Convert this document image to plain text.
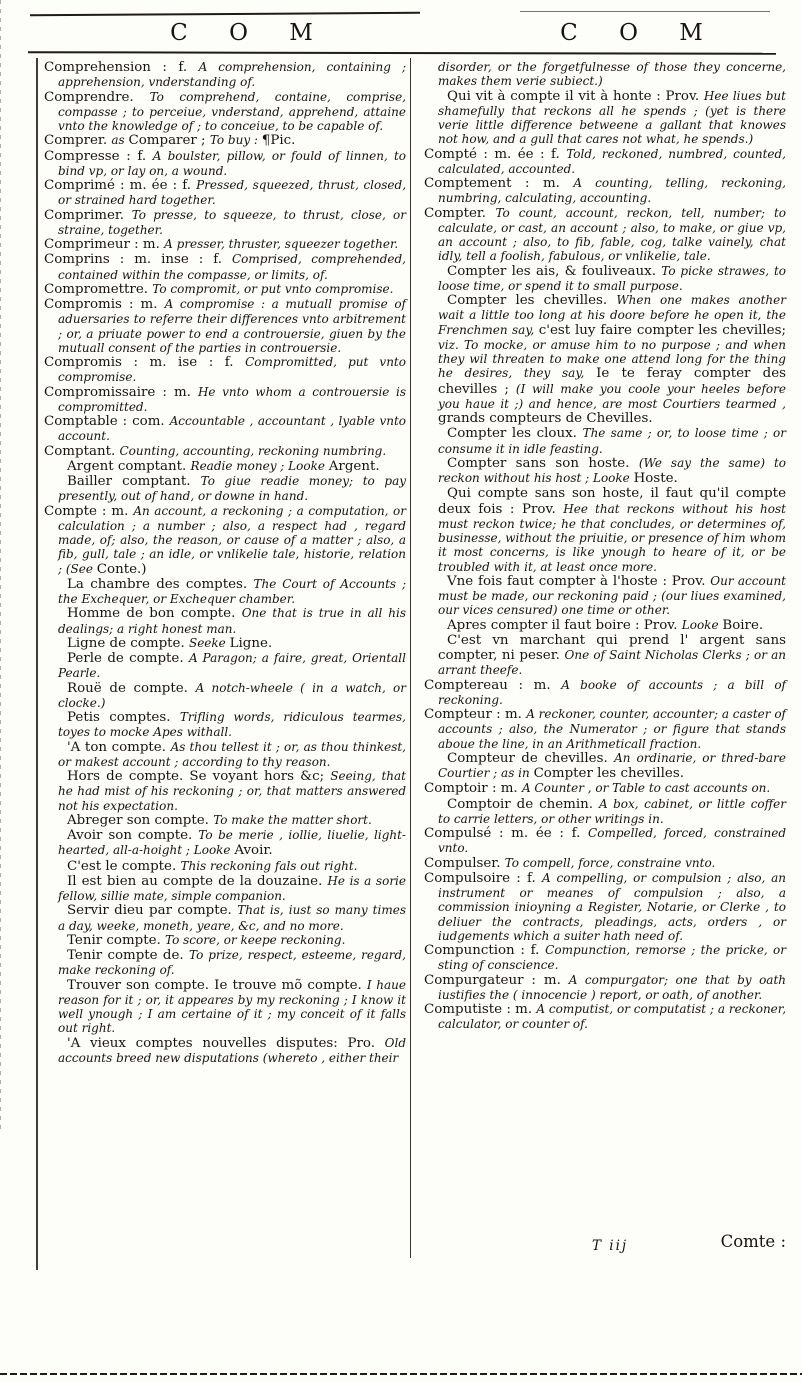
C O M	C O M

Comprehension : f. A comprehension, containing ; apprehension, vnderstanding of.

Comprendre. To comprehend, containe, comprise, compasse ; to perceiue, vnderstand, apprehend, attaine vnto the knowledge of ; to conceiue, to be capable of.

Comprer. as Comparer ; To buy : ¶Pic.

Compresse : f. A boulster, pillow, or fould of linnen, to bind vp, or lay on, a wound.

Comprimé : m. ée : f. Pressed, squeezed, thrust, closed, or strained hard together.

Comprimer. To presse, to squeeze, to thrust, close, or straine, together.

Comprimeur : m. A presser, thruster, squeezer together.

Comprins : m. inse : f. Comprised, comprehended, contained within the compasse, or limits, of.

Compromettre. To compromit, or put vnto compromise.

Compromis : m. A compromise : a mutuall promise of aduersaries to referre their differences vnto arbitrement ; or, a priuate power to end a controuersie, giuen by the mutuall consent of the parties in controuersie.

Compromis : m. ise : f. Compromitted, put vnto compromise.

Compromissaire : m. He vnto whom a controuersie is compromitted.

Comptable : com. Accountable , accountant , lyable vnto account.

Comptant. Counting, accounting, reckoning numbring.

Argent comptant. Readie money ; Looke Argent.

Bailler comptant. To giue readie money; to pay presently, out of hand, or downe in hand.

Compte : m. An account, a reckoning ; a computation, or calculation ; a number ; also, a respect had , regard made, of; also, the reason, or cause of a matter ; also, a fib, gull, tale ; an idle, or vnlikelie tale, historie, relation ; (See Conte.)

La chambre des comptes. The Court of Accounts ; the Exchequer, or Exchequer chamber.

Homme de bon compte. One that is true in all his dealings; a right honest man.

Ligne de compte. Seeke Ligne.

Perle de compte. A Paragon; a faire, great, Orientall Pearle.

Rouë de compte. A notch-wheele ( in a watch, or clocke.)

Petis comptes. Trifling words, ridiculous tearmes, toyes to mocke Apes withall.

'A ton compte. As thou tellest it ; or, as thou thinkest, or makest account ; according to thy reason.

Hors de compte. Se voyant hors &c; Seeing, that he had mist of his reckoning ; or, that matters answered not his expectation.

Abreger son compte. To make the matter short.

Avoir son compte. To be merie , iollie, liuelie, light-hearted, all-a-hoight ; Looke Avoir.

C'est le compte. This reckoning fals out right.

Il est bien au compte de la douzaine. He is a sorie fellow, sillie mate, simple companion.

Servir dieu par compte. That is, iust so many times a day, weeke, moneth, yeare, &c, and no more.

Tenir compte. To score, or keepe reckoning.

Tenir compte de. To prize, respect, esteeme, regard, make reckoning of.

Trouver son compte. Ie trouve mõ compte. I haue reason for it ; or, it appeares by my reckoning ; I know it well ynough ; I am certaine of it ; my conceit of it falls out right.

'A vieux comptes nouvelles disputes: Pro. Old accounts breed new disputations (whereto , either their

disorder, or the forgetfulnesse of those they concerne, makes them verie subiect.)

Qui vit à compte il vit à honte : Prov. Hee liues but shamefully that reckons all he spends ; (yet is there verie little difference betweene a gallant that knowes not how, and a gull that cares not what, he spends.)

Compté : m. ée : f. Told, reckoned, numbred, counted, calculated, accounted.

Comptement : m. A counting, telling, reckoning, numbring, calculating, accounting.

Compter. To count, account, reckon, tell, number; to calculate, or cast, an account ; also, to make, or giue vp, an account ; also, to fib, fable, cog, talke vainely, chat idly, tell a foolish, fabulous, or vnlikelie, tale.

Compter les ais, & fouliveaux. To picke strawes, to loose time, or spend it to small purpose.

Compter les chevilles. When one makes another wait a little too long at his doore before he open it, the Frenchmen say, c'est luy faire compter les chevilles; viz. To mocke, or amuse him to no purpose ; and when they wil threaten to make one attend long for the thing he desires, they say, Ie te feray compter des chevilles ; (I will make you coole your heeles before you haue it ;) and hence, are most Courtiers tearmed , grands compteurs de Chevilles.

Compter les cloux. The same ; or, to loose time ; or consume it in idle feasting.

Compter sans son hoste. (We say the same) to reckon without his host ; Looke Hoste.

Qui compte sans son hoste, il faut qu'il compte deux fois : Prov. Hee that reckons without his host must reckon twice; he that concludes, or determines of, businesse, without the priuitie, or presence of him whom it most concerns, is like ynough to heare of it, or be troubled with it, at least once more.

Vne fois faut compter à l'hoste : Prov. Our account must be made, our reckoning paid ; (our liues examined, our vices censured) one time or other.

Apres compter il faut boire : Prov. Looke Boire.

C'est vn marchant qui prend l' argent sans compter, ni peser. One of Saint Nicholas Clerks ; or an arrant theefe.

Comptereau : m. A booke of accounts ; a bill of reckoning.

Compteur : m. A reckoner, counter, accounter; a caster of accounts ; also, the Numerator ; or figure that stands aboue the line, in an Arithmeticall fraction.

Compteur de chevilles. An ordinarie, or thred-bare Courtier ; as in Compter les chevilles.

Comptoir : m. A Counter , or Table to cast accounts on.

Comptoir de chemin. A box, cabinet, or little coffer to carrie letters, or other writings in.

Compulsé : m. ée : f. Compelled, forced, constrained vnto.

Compulser. To compell, force, constraine vnto.

Compulsoire : f. A compelling, or compulsion ; also, an instrument or meanes of compulsion ; also, a commission inioyning a Register, Notarie, or Clerke , to deliuer the contracts, pleadings, acts, orders , or iudgements which a suiter hath need of.

Compunction : f. Compunction, remorse ; the pricke, or sting of conscience.

Compurgateur : m. A compurgator; one that by oath iustifies the ( innocencie ) report, or oath, of another.

Computiste : m. A computist, or computatist ; a reckoner, calculator, or counter of.

T iij	Comte :
